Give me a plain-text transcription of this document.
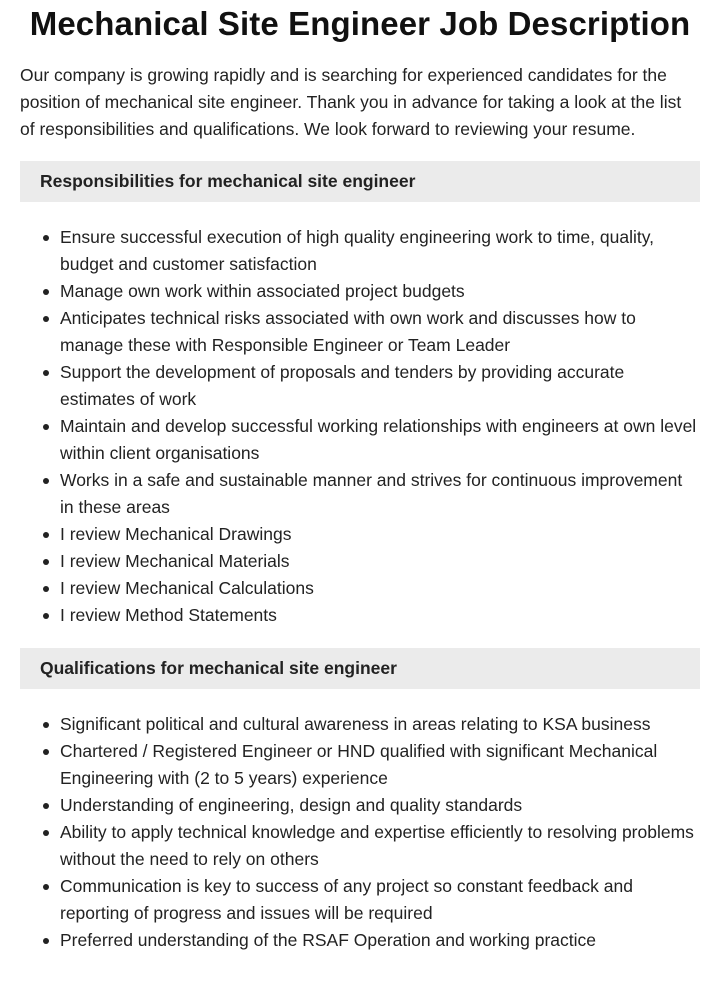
Mechanical Site Engineer Job Description

Our company is growing rapidly and is searching for experienced candidates for the position of mechanical site engineer. Thank you in advance for taking a look at the list of responsibilities and qualifications. We look forward to reviewing your resume.

Responsibilities for mechanical site engineer
Ensure successful execution of high quality engineering work to time, quality, budget and customer satisfaction
Manage own work within associated project budgets
Anticipates technical risks associated with own work and discusses how to manage these with Responsible Engineer or Team Leader
Support the development of proposals and tenders by providing accurate estimates of work
Maintain and develop successful working relationships with engineers at own level within client organisations
Works in a safe and sustainable manner and strives for continuous improvement in these areas
I review Mechanical Drawings
I review Mechanical Materials
I review Mechanical Calculations
I review Method Statements
Qualifications for mechanical site engineer
Significant political and cultural awareness in areas relating to KSA business
Chartered / Registered Engineer or HND qualified with significant Mechanical Engineering with (2 to 5 years) experience
Understanding of engineering, design and quality standards
Ability to apply technical knowledge and expertise efficiently to resolving problems without the need to rely on others
Communication is key to success of any project so constant feedback and reporting of progress and issues will be required
Preferred understanding of the RSAF Operation and working practice
